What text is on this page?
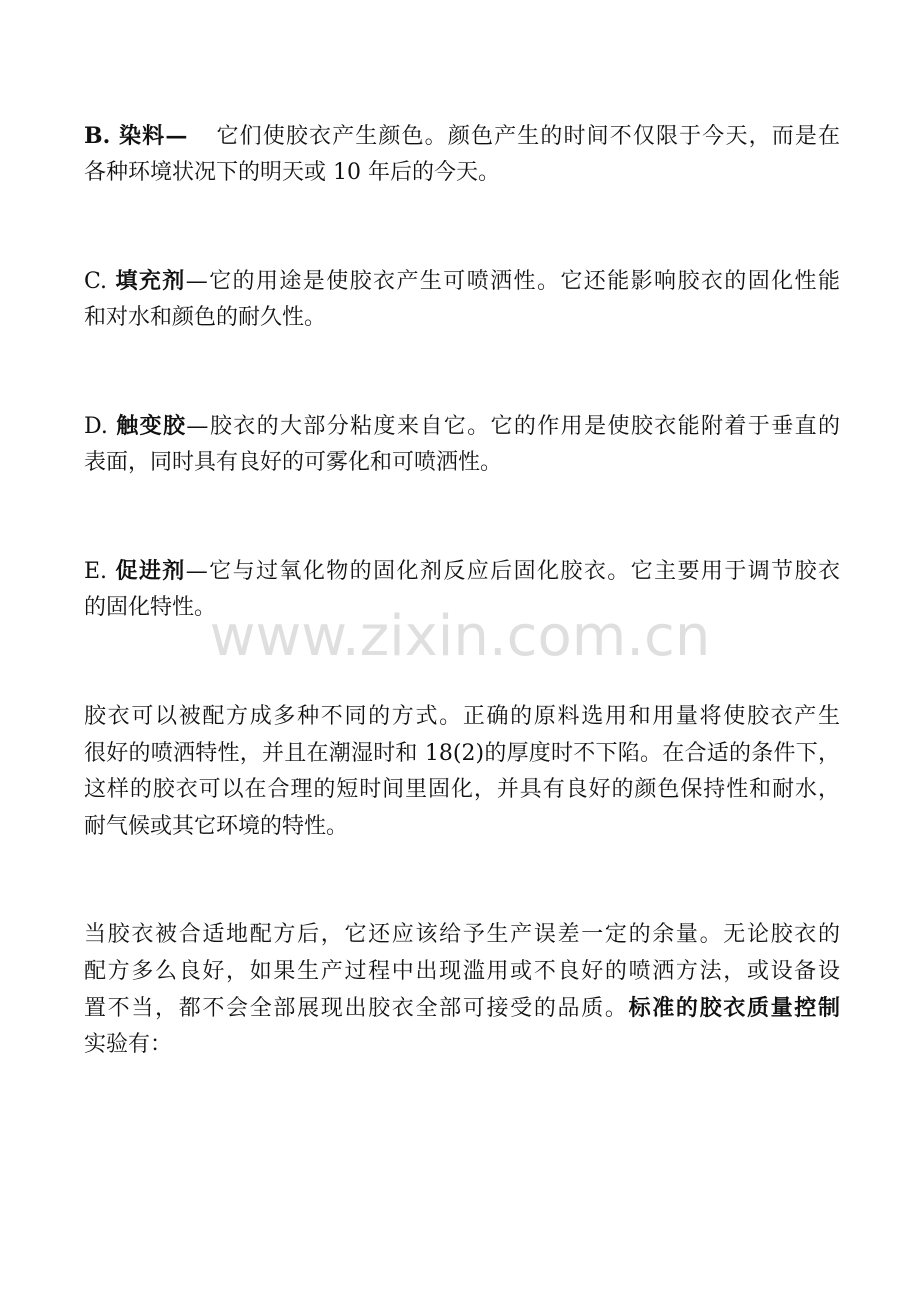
B. 染料— 它们使胶衣产生颜色。颜色产生的时间不仅限于今天，而是在
各种环境状况下的明天或 10 年后的今天。
C. 填充剂—它的用途是使胶衣产生可喷洒性。它还能影响胶衣的固化性能
和对水和颜色的耐久性。
D. 触变胶—胶衣的大部分粘度来自它。它的作用是使胶衣能附着于垂直的
表面，同时具有良好的可雾化和可喷洒性。
E. 促进剂—它与过氧化物的固化剂反应后固化胶衣。它主要用于调节胶衣
的固化特性。
胶衣可以被配方成多种不同的方式。正确的原料选用和用量将使胶衣产生
很好的喷洒特性，并且在潮湿时和 18(2)的厚度时不下陷。在合适的条件下，
这样的胶衣可以在合理的短时间里固化，并具有良好的颜色保持性和耐水，
耐气候或其它环境的特性。
当胶衣被合适地配方后，它还应该给予生产误差一定的余量。无论胶衣的
配方多么良好，如果生产过程中出现滥用或不良好的喷洒方法，或设备设
置不当，都不会全部展现出胶衣全部可接受的品质。标准的胶衣质量控制
实验有：
www.zixin.com.cn
